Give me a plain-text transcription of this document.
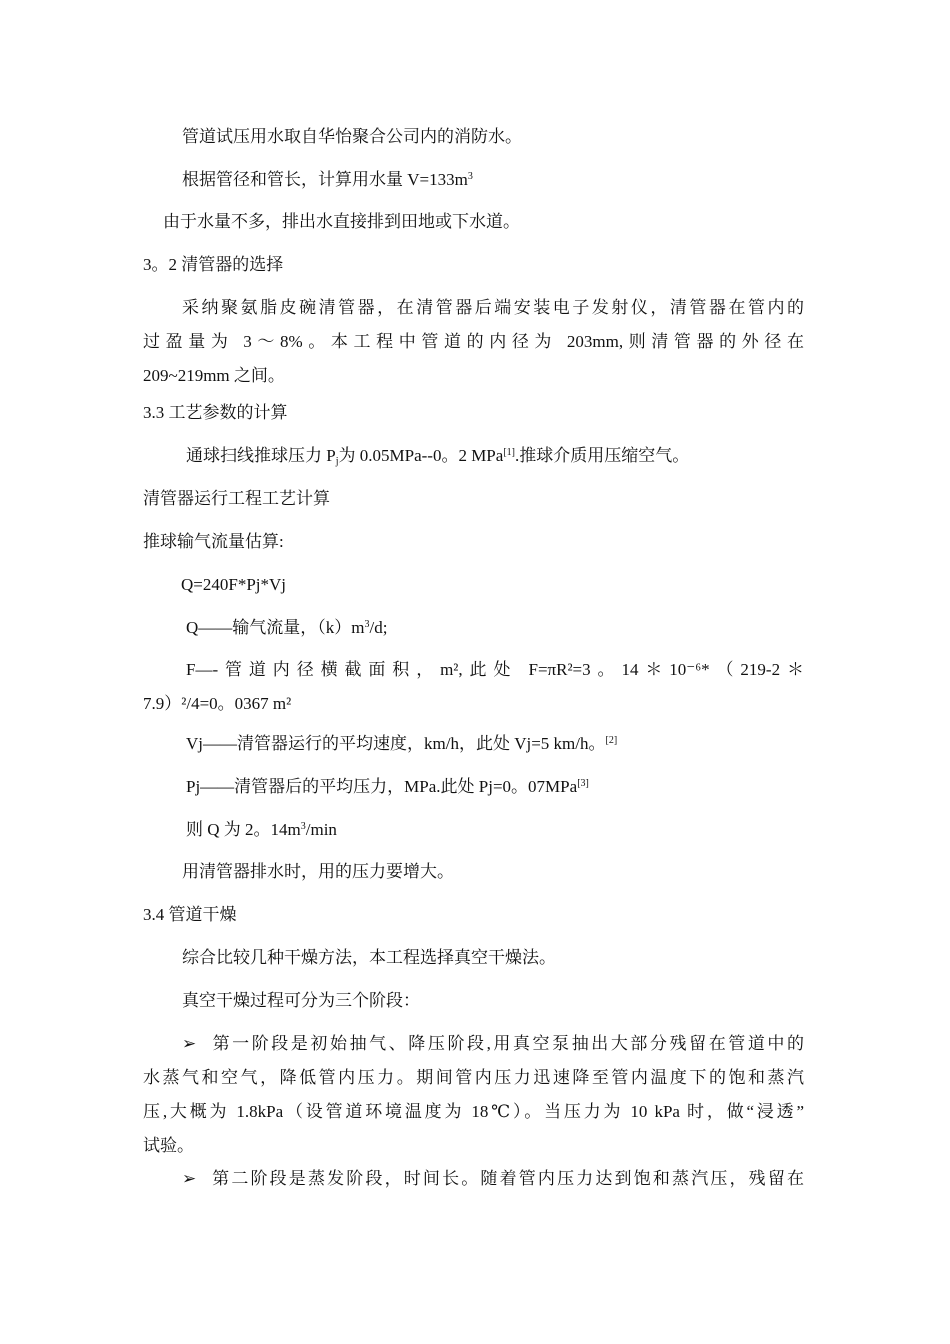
管道试压用水取自华怡聚合公司内的消防水。
根据管径和管长，计算用水量 $V=133m^3$
由于水量不多，排出水直接排到田地或下水道。
3。2 清管器的选择
采纳聚氨脂皮碗清管器，在清管器后端安装电子发射仪，清管器在管内的
过盈量为 3～8%。本工程中管道的内径为 203mm,则清管器的外径在
209~219mm 之间。
3.3 工艺参数的计算
通球扫线推球压力 $P_j$为 0.05MPa--0。2 MPa[1].推球介质用压缩空气。
清管器运行工程工艺计算
推球输气流量估算:
Q=240F*Pj*Vj
Q——输气流量，$(k)m^3/d$;
F—-管道内径横截面积，m²,此处 F=πR²=3。14＊10⁻⁶*（219-2＊
7.9）²/4=0。0367 m²
Vj——清管器运行的平均速度，km/h，此处 Vj=5 km/h。[2]
Pj——清管器后的平均压力，MPa.此处 Pj=0。07MPa[3]
则 Q 为 2。$14m^3/\min$
用清管器排水时，用的压力要增大。
3.4 管道干燥
综合比较几种干燥方法，本工程选择真空干燥法。
真空干燥过程可分为三个阶段：
➢ 第一阶段是初始抽气、降压阶段,用真空泵抽出大部分残留在管道中的
水蒸气和空气，降低管内压力。期间管内压力迅速降至管内温度下的饱和蒸汽
压,大概为 1.8kPa（设管道环境温度为 18℃）。当压力为 10 kPa 时，做“浸透”
试验。
➢ 第二阶段是蒸发阶段，时间长。随着管内压力达到饱和蒸汽压，残留在
